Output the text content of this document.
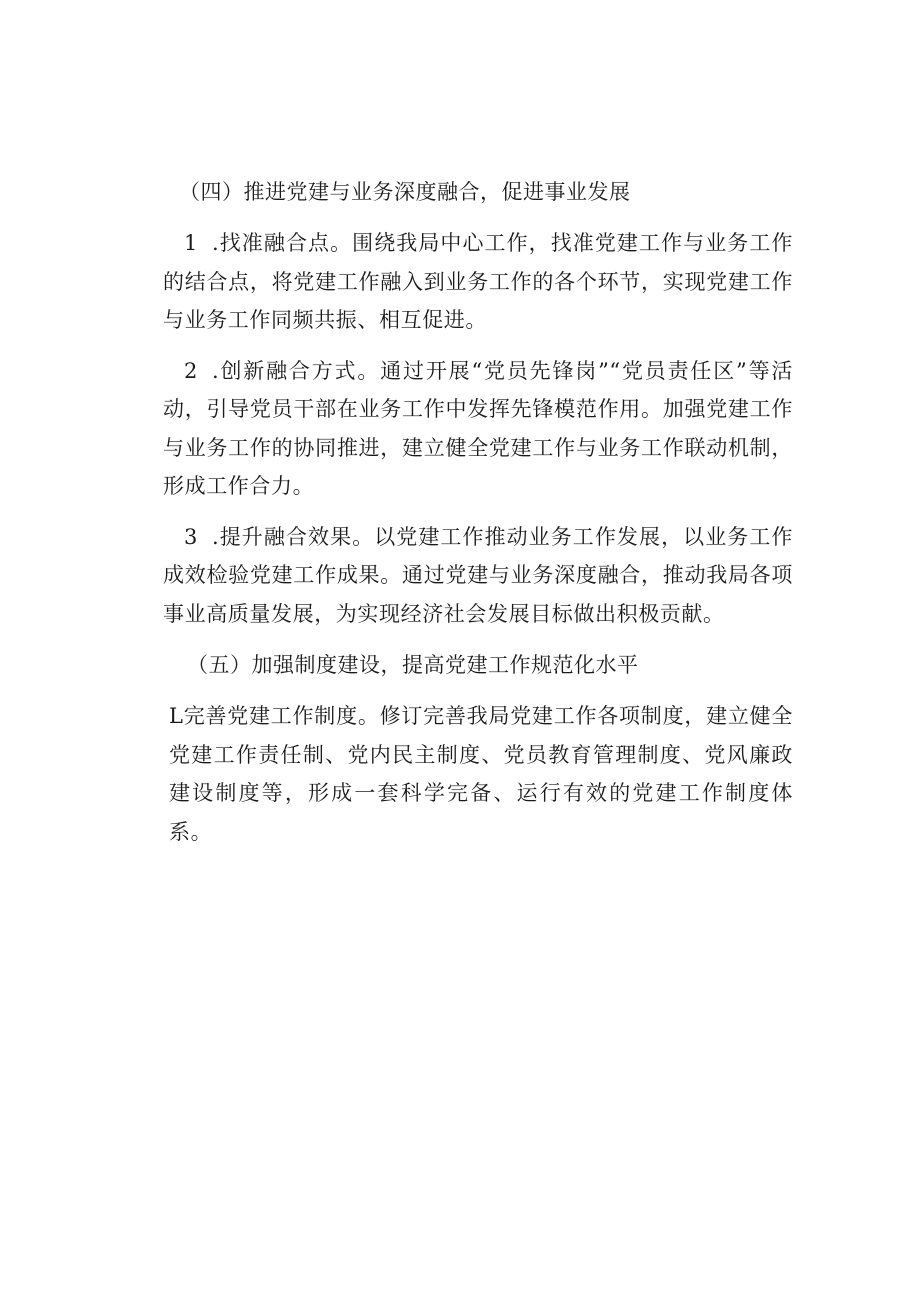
（四）推进党建与业务深度融合，促进事业发展

1 .找准融合点。围绕我局中心工作，找准党建工作与业务工作的结合点，将党建工作融入到业务工作的各个环节，实现党建工作与业务工作同频共振、相互促进。

2 .创新融合方式。通过开展“党员先锋岗”“党员责任区”等活动，引导党员干部在业务工作中发挥先锋模范作用。加强党建工作与业务工作的协同推进，建立健全党建工作与业务工作联动机制，形成工作合力。

3 .提升融合效果。以党建工作推动业务工作发展，以业务工作成效检验党建工作成果。通过党建与业务深度融合，推动我局各项事业高质量发展，为实现经济社会发展目标做出积极贡献。

（五）加强制度建设，提高党建工作规范化水平

L完善党建工作制度。修订完善我局党建工作各项制度，建立健全党建工作责任制、党内民主制度、党员教育管理制度、党风廉政建设制度等，形成一套科学完备、运行有效的党建工作制度体系。
